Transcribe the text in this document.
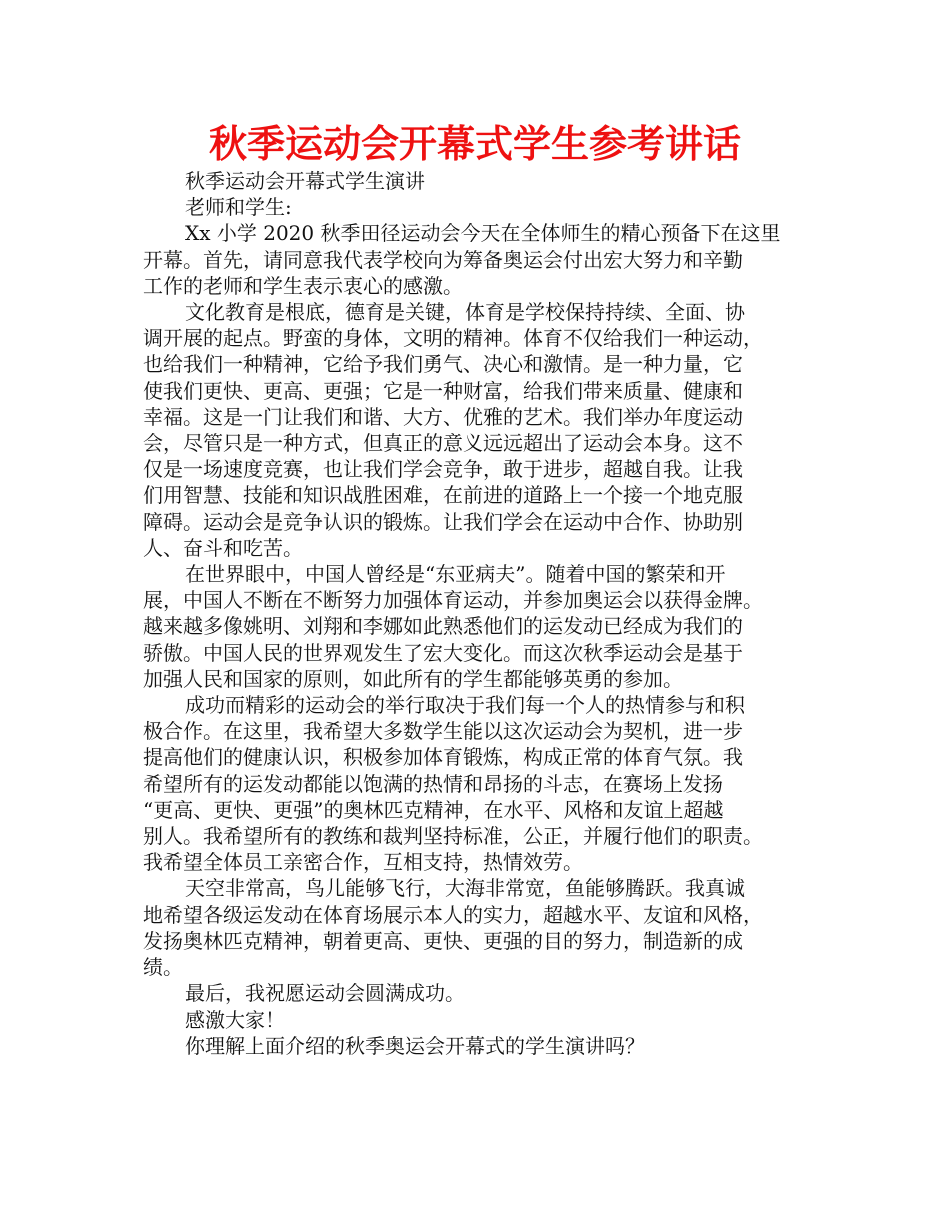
秋季运动会开幕式学生参考讲话
秋季运动会开幕式学生演讲
老师和学生:
Xx 小学 2020 秋季田径运动会今天在全体师生的精心预备下在这里
开幕。首先，请同意我代表学校向为筹备奥运会付出宏大努力和辛勤
工作的老师和学生表示衷心的感激。
文化教育是根底，德育是关键，体育是学校保持持续、全面、协
调开展的起点。野蛮的身体，文明的精神。体育不仅给我们一种运动，
也给我们一种精神，它给予我们勇气、决心和激情。是一种力量，它
使我们更快、更高、更强；它是一种财富，给我们带来质量、健康和
幸福。这是一门让我们和谐、大方、优雅的艺术。我们举办年度运动
会，尽管只是一种方式，但真正的意义远远超出了运动会本身。这不
仅是一场速度竞赛，也让我们学会竞争，敢于进步，超越自我。让我
们用智慧、技能和知识战胜困难，在前进的道路上一个接一个地克服
障碍。运动会是竞争认识的锻炼。让我们学会在运动中合作、协助别
人、奋斗和吃苦。
在世界眼中，中国人曾经是“东亚病夫”。随着中国的繁荣和开
展，中国人不断在不断努力加强体育运动，并参加奥运会以获得金牌。
越来越多像姚明、刘翔和李娜如此熟悉他们的运发动已经成为我们的
骄傲。中国人民的世界观发生了宏大变化。而这次秋季运动会是基于
加强人民和国家的原则，如此所有的学生都能够英勇的参加。
成功而精彩的运动会的举行取决于我们每一个人的热情参与和积
极合作。在这里，我希望大多数学生能以这次运动会为契机，进一步
提高他们的健康认识，积极参加体育锻炼，构成正常的体育气氛。我
希望所有的运发动都能以饱满的热情和昂扬的斗志，在赛场上发扬
“更高、更快、更强”的奥林匹克精神，在水平、风格和友谊上超越
别人。我希望所有的教练和裁判坚持标准，公正，并履行他们的职责。
我希望全体员工亲密合作，互相支持，热情效劳。
天空非常高，鸟儿能够飞行，大海非常宽，鱼能够腾跃。我真诚
地希望各级运发动在体育场展示本人的实力，超越水平、友谊和风格，
发扬奥林匹克精神，朝着更高、更快、更强的目的努力，制造新的成
绩。
最后，我祝愿运动会圆满成功。
感激大家！
你理解上面介绍的秋季奥运会开幕式的学生演讲吗？
